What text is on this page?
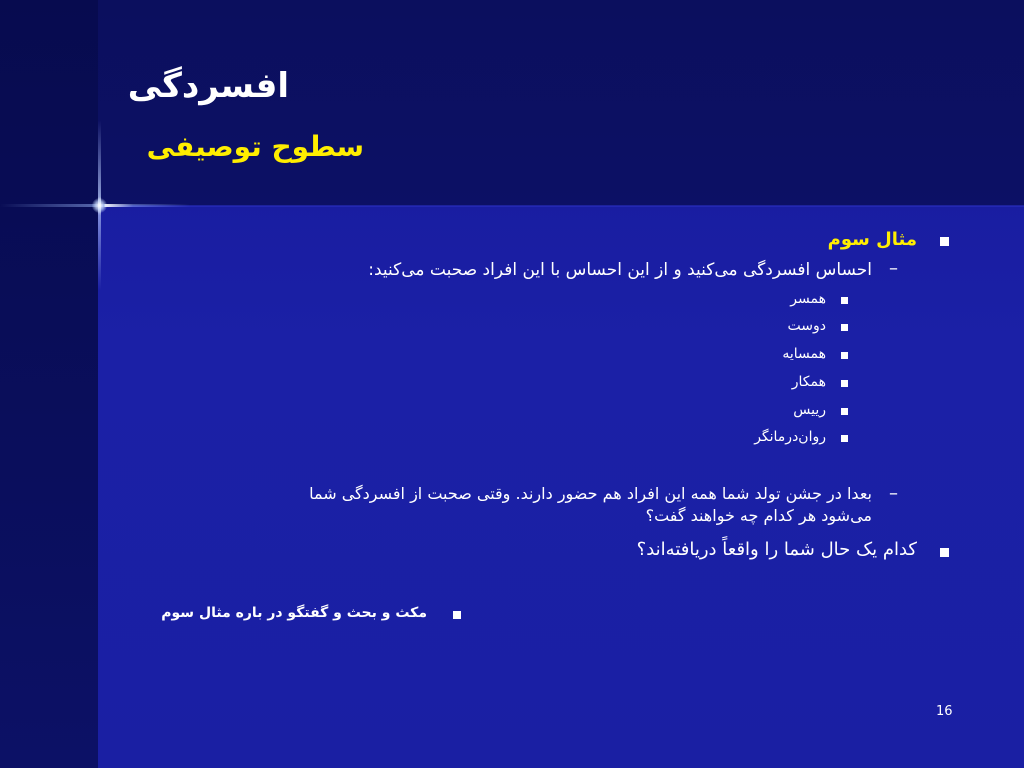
افسردگی
سطوح توصیفی
مثال سوم
–
احساس افسردگی می‌کنید و از این احساس با این افراد صحبت می‌کنید:
همسر
دوست
همسایه
همکار
رییس
روان‌درمانگر
–
بعدا در جشن تولد شما همه این افراد هم حضور دارند. وقتی صحبت از افسردگی شما
می‌شود هر کدام چه خواهند گفت؟
کدام یک حال شما را واقعاً دریافته‌اند؟
مکث و بحث و گفتگو در باره مثال سوم
16
